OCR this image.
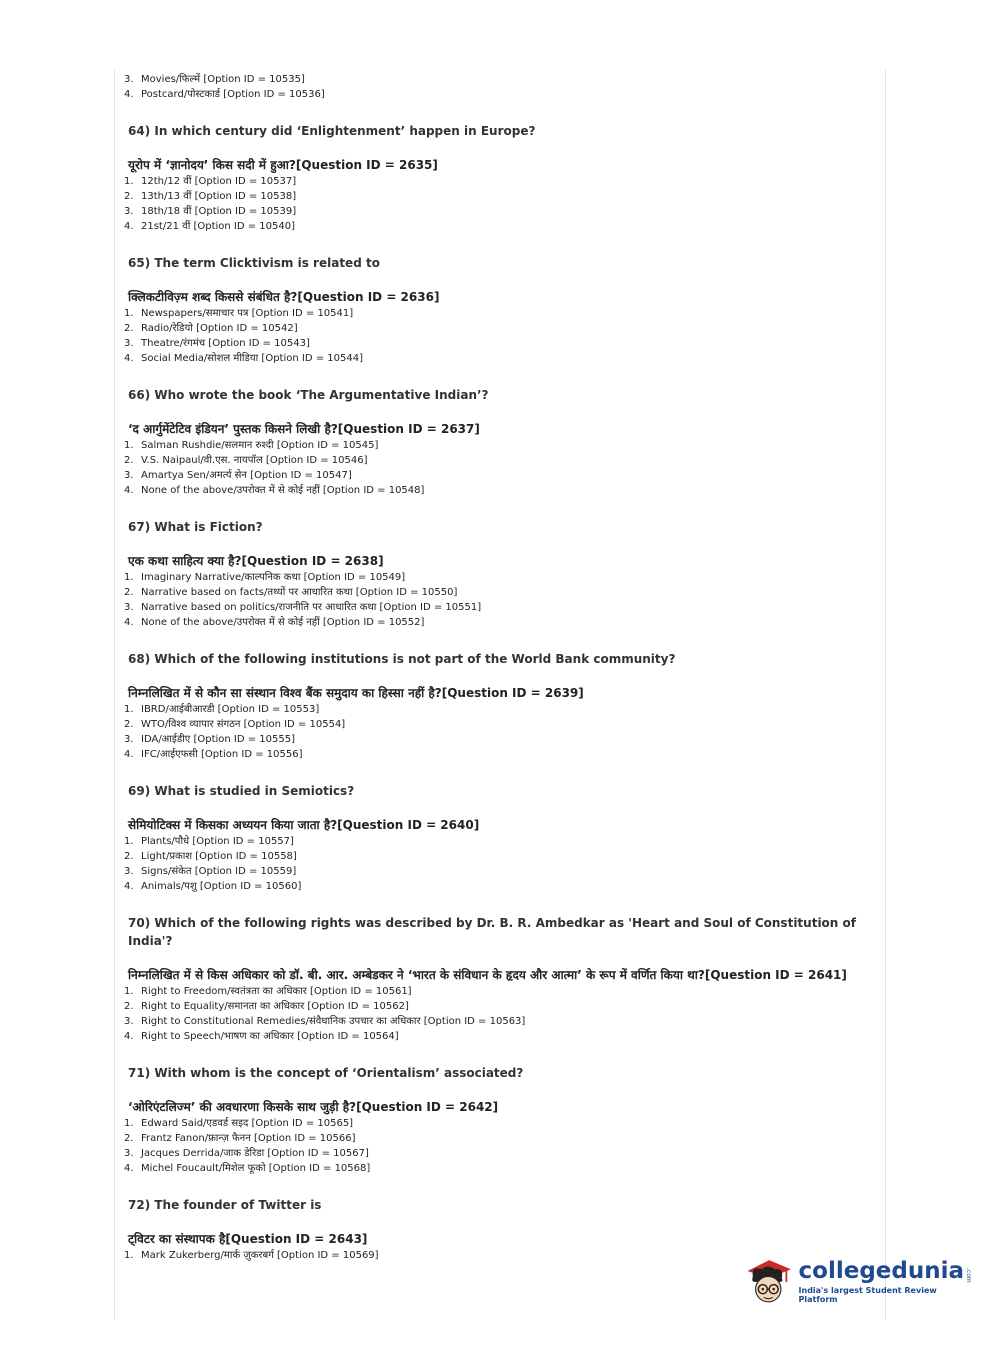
3. Movies/फिल्में [Option ID = 10535]
4. Postcard/पोस्टकार्ड [Option ID = 10536]
64) In which century did ‘Enlightenment’ happen in Europe?
यूरोप में ‘ज्ञानोदय’ किस सदी में हुआ?[Question ID = 2635]
1. 12th/12 वीं [Option ID = 10537]
2. 13th/13 वीं [Option ID = 10538]
3. 18th/18 वीं [Option ID = 10539]
4. 21st/21 वीं [Option ID = 10540]
65) The term Clicktivism is related to
क्लिकटीविज़्म शब्द किससे संबंधित है?[Question ID = 2636]
1. Newspapers/समाचार पत्र [Option ID = 10541]
2. Radio/रेडियो [Option ID = 10542]
3. Theatre/रंगमंच [Option ID = 10543]
4. Social Media/सोशल मीडिया [Option ID = 10544]
66) Who wrote the book ‘The Argumentative Indian’?
‘द आर्गुमेंटेटिव इंडियन’ पुस्तक किसने लिखी है?[Question ID = 2637]
1. Salman Rushdie/सलमान रुश्दी [Option ID = 10545]
2. V.S. Naipaul/वी.एस. नायपॉल [Option ID = 10546]
3. Amartya Sen/अमर्त्य सेन [Option ID = 10547]
4. None of the above/उपरोक्त में से कोई नहीं [Option ID = 10548]
67) What is Fiction?
एक कथा साहित्य क्या है?[Question ID = 2638]
1. Imaginary Narrative/काल्पनिक कथा [Option ID = 10549]
2. Narrative based on facts/तथ्यों पर आधारित कथा [Option ID = 10550]
3. Narrative based on politics/राजनीति पर आधारित कथा [Option ID = 10551]
4. None of the above/उपरोक्त में से कोई नहीं [Option ID = 10552]
68) Which of the following institutions is not part of the World Bank community?
निम्नलिखित में से कौन सा संस्थान विश्व बैंक समुदाय का हिस्सा नहीं है?[Question ID = 2639]
1. IBRD/आईबीआरडी [Option ID = 10553]
2. WTO/विश्व व्यापार संगठन [Option ID = 10554]
3. IDA/आईडीए [Option ID = 10555]
4. IFC/आईएफसी [Option ID = 10556]
69) What is studied in Semiotics?
सेमियोटिक्स में किसका अध्ययन किया जाता है?[Question ID = 2640]
1. Plants/पौधे [Option ID = 10557]
2. Light/प्रकाश [Option ID = 10558]
3. Signs/संकेत [Option ID = 10559]
4. Animals/पशु [Option ID = 10560]
70) Which of the following rights was described by Dr. B. R. Ambedkar as 'Heart and Soul of Constitution of India'?
निम्नलिखित में से किस अधिकार को डॉ. बी. आर. अम्बेडकर ने ‘भारत के संविधान के हृदय और आत्मा’ के रूप में वर्णित किया था?[Question ID = 2641]
1. Right to Freedom/स्वतंत्रता का अधिकार [Option ID = 10561]
2. Right to Equality/समानता का अधिकार [Option ID = 10562]
3. Right to Constitutional Remedies/संवैधानिक उपचार का अधिकार [Option ID = 10563]
4. Right to Speech/भाषण का अधिकार [Option ID = 10564]
71) With whom is the concept of ‘Orientalism’ associated?
‘ओरिएंटलिज्म’ की अवधारणा किसके साथ जुड़ी है?[Question ID = 2642]
1. Edward Said/एडवर्ड सइद [Option ID = 10565]
2. Frantz Fanon/फ्रान्ज़ फैनन [Option ID = 10566]
3. Jacques Derrida/जाक डेरिडा [Option ID = 10567]
4. Michel Foucault/मिशेल फूको [Option ID = 10568]
72) The founder of Twitter is
ट्विटर का संस्थापक है[Question ID = 2643]
1. Mark Zukerberg/मार्क ज़ुकरबर्ग [Option ID = 10569]
collegedunia .com
India's largest Student Review Platform
